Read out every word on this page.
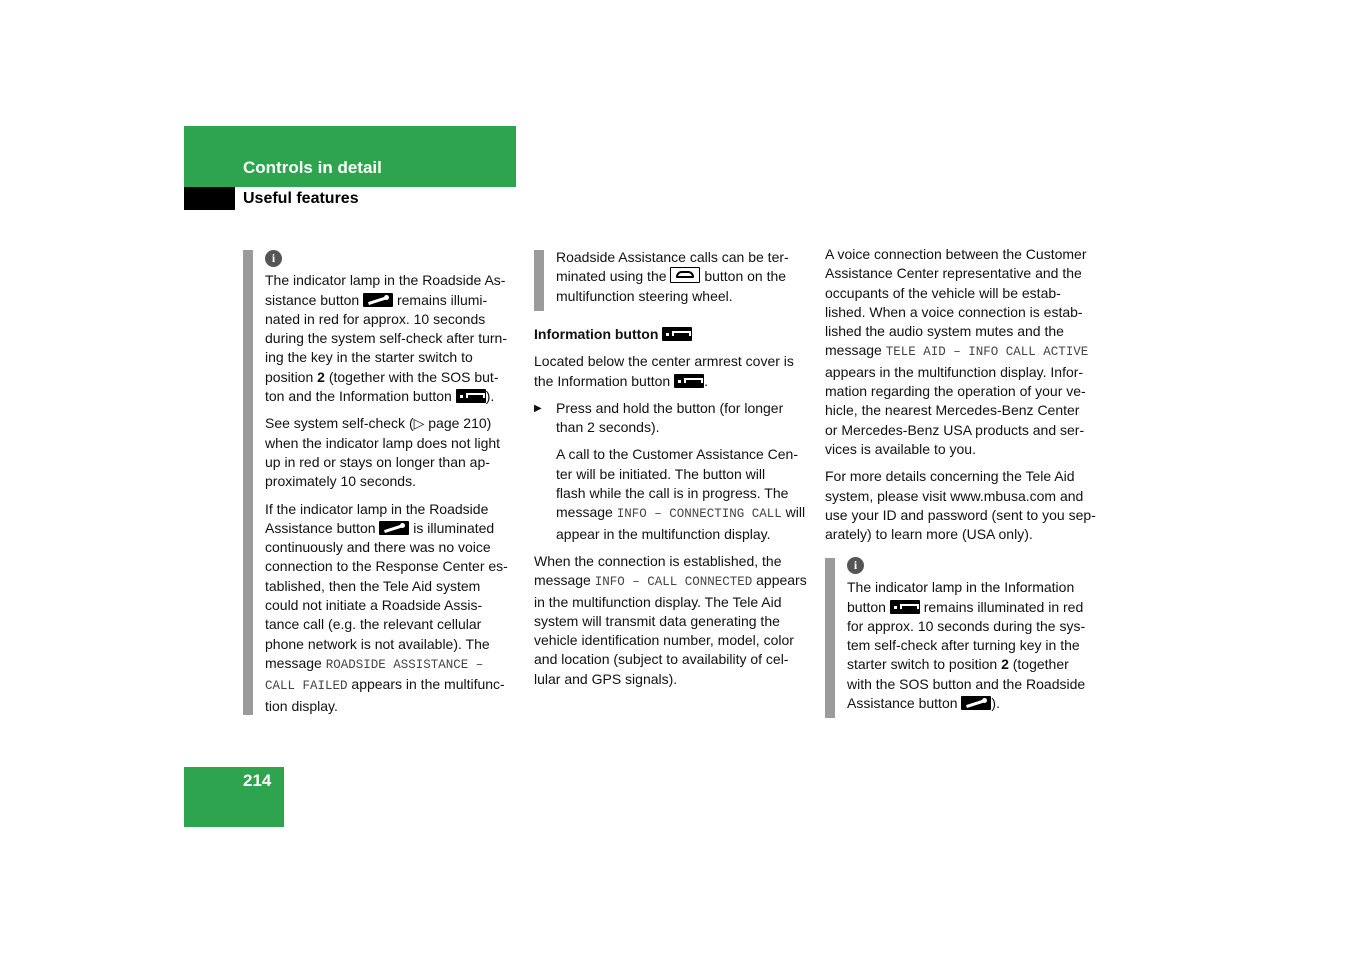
Controls in detail
Useful features
i

The indicator lamp in the Roadside As-
sistance button	remains illumi-
nated in red for approx. 10 seconds
during the system self-check after turn-
ing the key in the starter switch to
position 2 (together with the SOS but-
ton and the Information button ).

See system self-check (▷ page 210)
when the indicator lamp does not light
up in red or stays on longer than ap-
proximately 10 seconds.

If the indicator lamp in the Roadside
Assistance button	is illuminated
continuously and there was no voice
connection to the Response Center es-
tablished, then the Tele Aid system
could not initiate a Roadside Assis-
tance call (e.g. the relevant cellular
phone network is not available). The
message ROADSIDE ASSISTANCE –
CALL FAILED appears in the multifunc-
tion display.

Roadside Assistance calls can be ter-
minated using the	button on the
multifunction steering wheel.

Information button

Located below the center armrest cover is
the Information button .

▶ Press and hold the button (for longer
than 2 seconds).

A call to the Customer Assistance Cen-
ter will be initiated. The button will
flash while the call is in progress. The
message INFO – CONNECTING CALL will
appear in the multifunction display.

When the connection is established, the
message INFO – CALL CONNECTED appears
in the multifunction display. The Tele Aid
system will transmit data generating the
vehicle identification number, model, color
and location (subject to availability of cel-
lular and GPS signals).

A voice connection between the Customer
Assistance Center representative and the
occupants of the vehicle will be estab-
lished. When a voice connection is estab-
lished the audio system mutes and the
message TELE AID – INFO CALL ACTIVE
appears in the multifunction display. Infor-
mation regarding the operation of your ve-
hicle, the nearest Mercedes-Benz Center
or Mercedes-Benz USA products and ser-
vices is available to you.

For more details concerning the Tele Aid
system, please visit www.mbusa.com and
use your ID and password (sent to you sep-
arately) to learn more (USA only).

i

The indicator lamp in the Information
button	remains illuminated in red
for approx. 10 seconds during the sys-
tem self-check after turning key in the
starter switch to position 2 (together
with the SOS button and the Roadside
Assistance button ).

214
